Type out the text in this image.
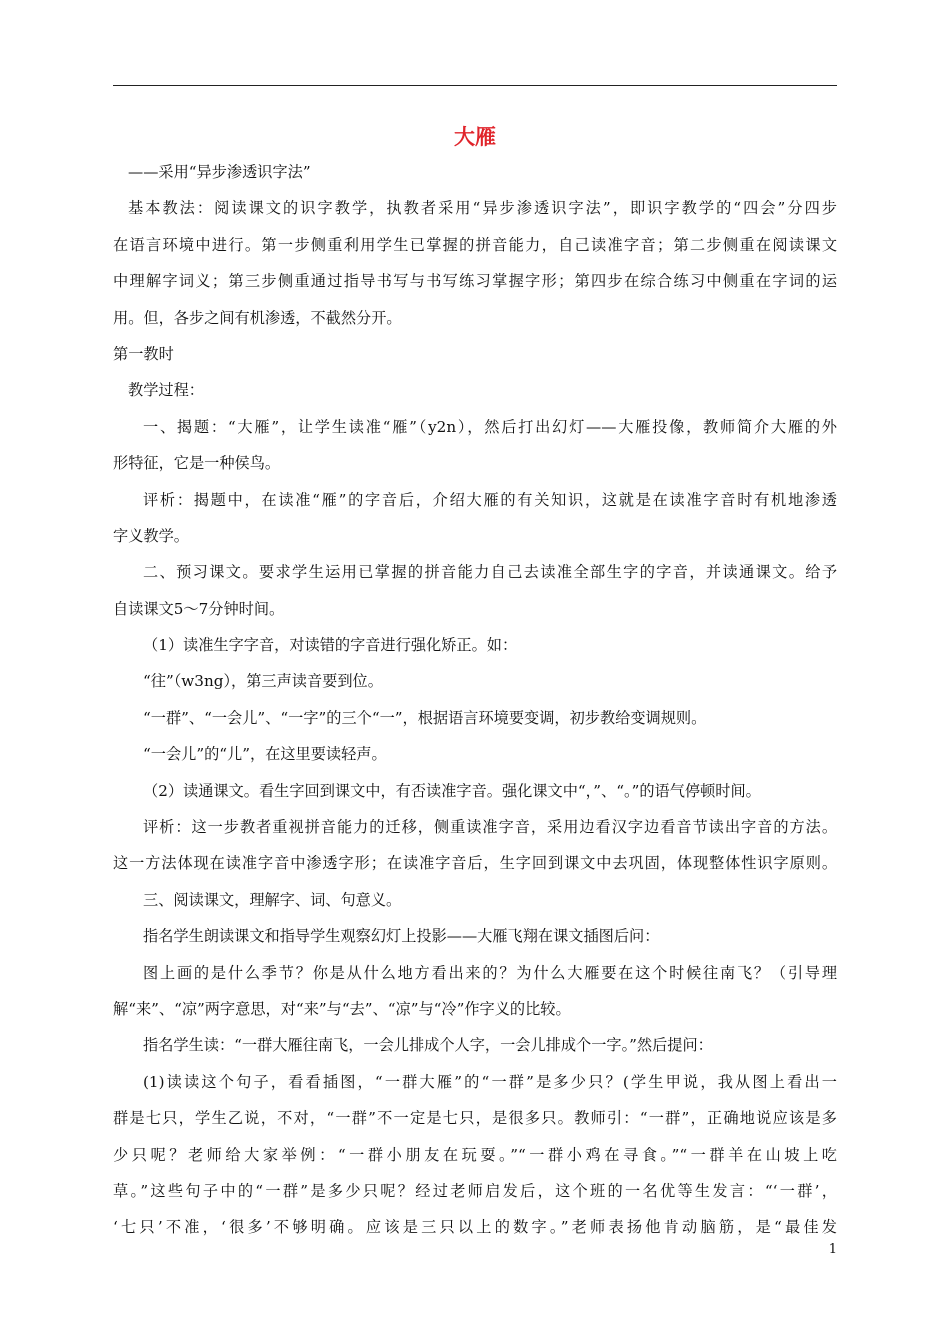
大雁
——采用“异步渗透识字法”
基本教法：阅读课文的识字教学，执教者采用“异步渗透识字法”，即识字教学的“四会”分四步
在语言环境中进行。第一步侧重利用学生已掌握的拼音能力，自己读准字音；第二步侧重在阅读课文
中理解字词义；第三步侧重通过指导书写与书写练习掌握字形；第四步在综合练习中侧重在字词的运
用。但，各步之间有机渗透，不截然分开。
第一教时
教学过程：
一、揭题：“大雁”，让学生读准“雁”（y2n），然后打出幻灯——大雁投像，教师简介大雁的外
形特征，它是一种侯鸟。
评析：揭题中，在读准“雁”的字音后，介绍大雁的有关知识，这就是在读准字音时有机地渗透
字义教学。
二、预习课文。要求学生运用已掌握的拼音能力自己去读准全部生字的字音，并读通课文。给予
自读课文5～7分钟时间。
（1）读准生字字音，对读错的字音进行强化矫正。如：
“往”（w3ng），第三声读音要到位。
“一群”、“一会儿”、“一字”的三个“一”，根据语言环境要变调，初步教给变调规则。
“一会儿”的“儿”，在这里要读轻声。
（2）读通课文。看生字回到课文中，有否读准字音。强化课文中“，”、“。”的语气停顿时间。
评析：这一步教者重视拼音能力的迁移，侧重读准字音，采用边看汉字边看音节读出字音的方法。
这一方法体现在读准字音中渗透字形；在读准字音后，生字回到课文中去巩固，体现整体性识字原则。
三、阅读课文，理解字、词、句意义。
指名学生朗读课文和指导学生观察幻灯上投影——大雁飞翔在课文插图后问：
图上画的是什么季节？你是从什么地方看出来的？为什么大雁要在这个时候往南飞？（引导理
解“来”、“凉”两字意思，对“来”与“去”、“凉”与“冷”作字义的比较。
指名学生读：“一群大雁往南飞，一会儿排成个人字，一会儿排成个一字。”然后提问：
(1)读读这个句子，看看插图，“一群大雁”的“一群”是多少只？(学生甲说，我从图上看出一
群是七只，学生乙说，不对，“一群”不一定是七只，是很多只。教师引：“一群”，正确地说应该是多
少只呢？老师给大家举例：“一群小朋友在玩耍。”“一群小鸡在寻食。”“一群羊在山坡上吃
草。”这些句子中的“一群”是多少只呢？经过老师启发后，这个班的一名优等生发言：“‘一群’，
‘七只’不准，‘很多’不够明确。应该是三只以上的数字。”老师表扬他肯动脑筋，是“最佳发
1
